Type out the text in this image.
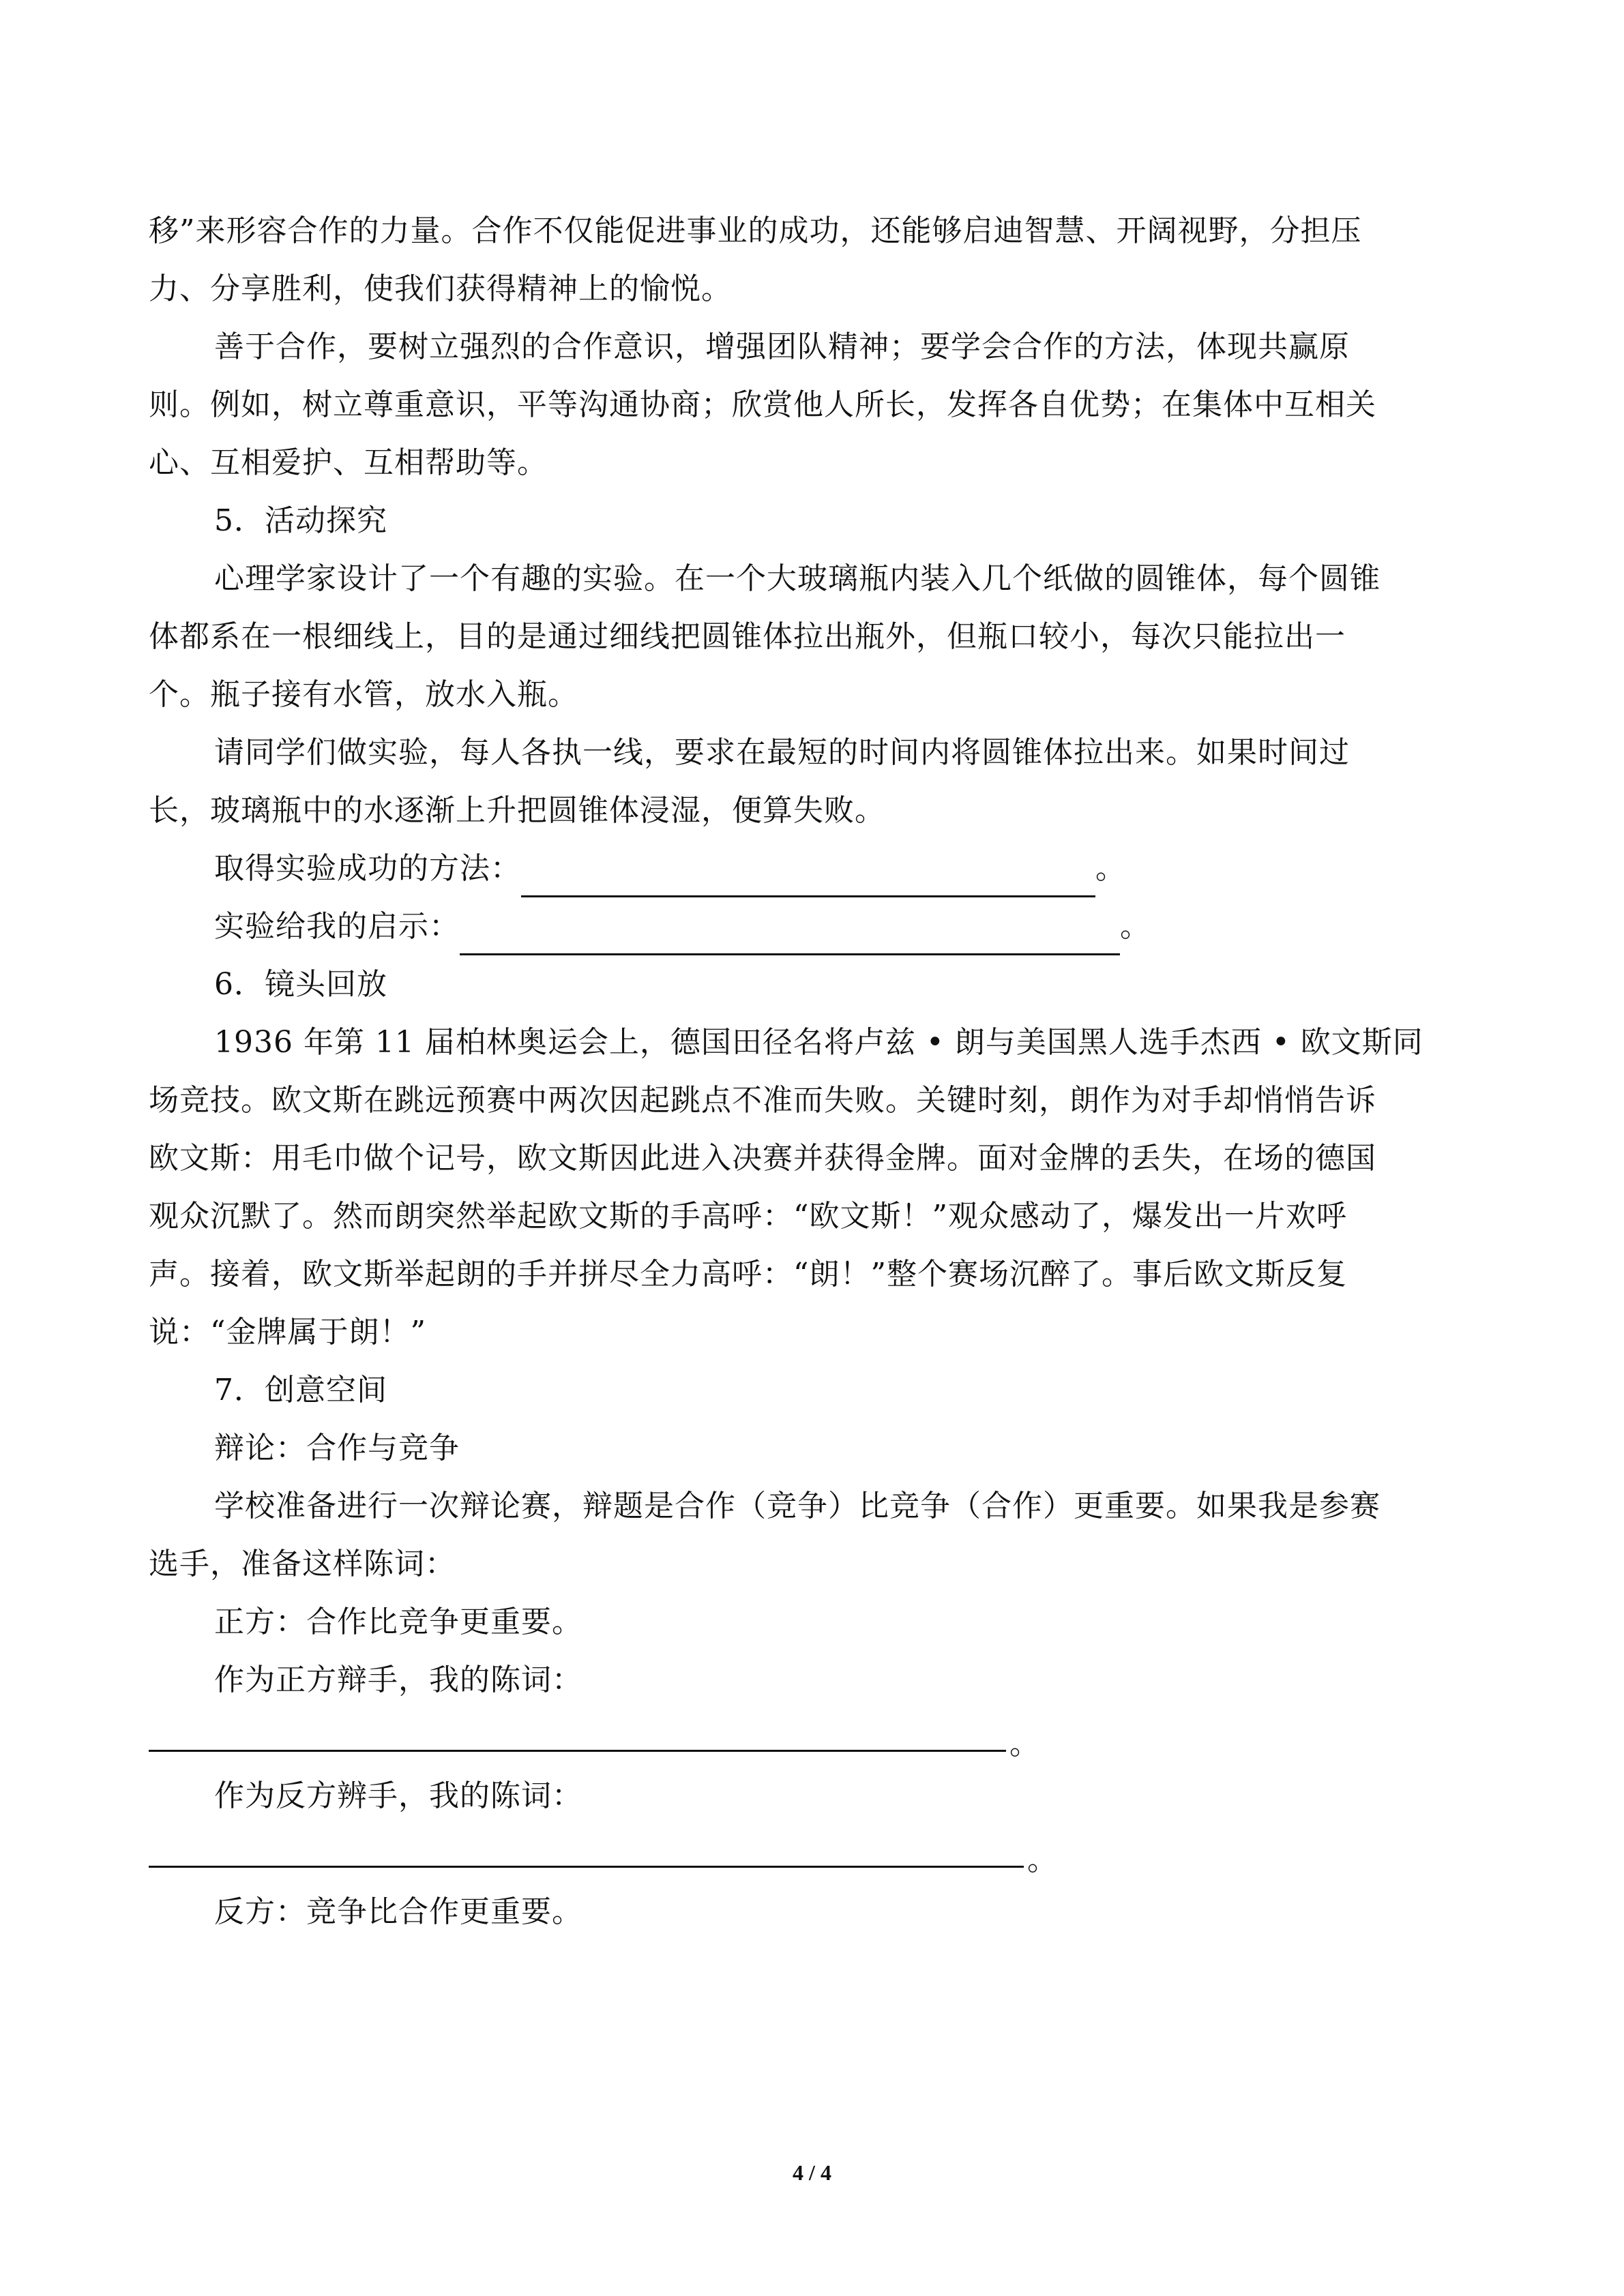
移”来形容合作的力量。合作不仅能促进事业的成功，还能够启迪智慧、开阔视野，分担压
力、分享胜利，使我们获得精神上的愉悦。
善于合作，要树立强烈的合作意识，增强团队精神；要学会合作的方法，体现共赢原
则。例如，树立尊重意识，平等沟通协商；欣赏他人所长，发挥各自优势；在集体中互相关
心、互相爱护、互相帮助等。
5．活动探究
心理学家设计了一个有趣的实验。在一个大玻璃瓶内装入几个纸做的圆锥体，每个圆锥
体都系在一根细线上，目的是通过细线把圆锥体拉出瓶外，但瓶口较小，每次只能拉出一
个。瓶子接有水管，放水入瓶。
请同学们做实验，每人各执一线，要求在最短的时间内将圆锥体拉出来。如果时间过
长，玻璃瓶中的水逐渐上升把圆锥体浸湿，便算失败。
取得实验成功的方法：	。
实验给我的启示：	。
6．镜头回放
1936 年第 11 届柏林奥运会上，德国田径名将卢兹 • 朗与美国黑人选手杰西 • 欧文斯同
场竞技。欧文斯在跳远预赛中两次因起跳点不准而失败。关键时刻，朗作为对手却悄悄告诉
欧文斯：用毛巾做个记号，欧文斯因此进入决赛并获得金牌。面对金牌的丢失，在场的德国
观众沉默了。然而朗突然举起欧文斯的手高呼：“欧文斯！”观众感动了，爆发出一片欢呼
声。接着，欧文斯举起朗的手并拼尽全力高呼：“朗！”整个赛场沉醉了。事后欧文斯反复
说：“金牌属于朗！”
7．创意空间
辩论：合作与竞争
学校准备进行一次辩论赛，辩题是合作（竞争）比竞争（合作）更重要。如果我是参赛
选手，准备这样陈词：
正方：合作比竞争更重要。
作为正方辩手，我的陈词：
。
作为反方辨手，我的陈词：
。
反方：竞争比合作更重要。
4 / 4
